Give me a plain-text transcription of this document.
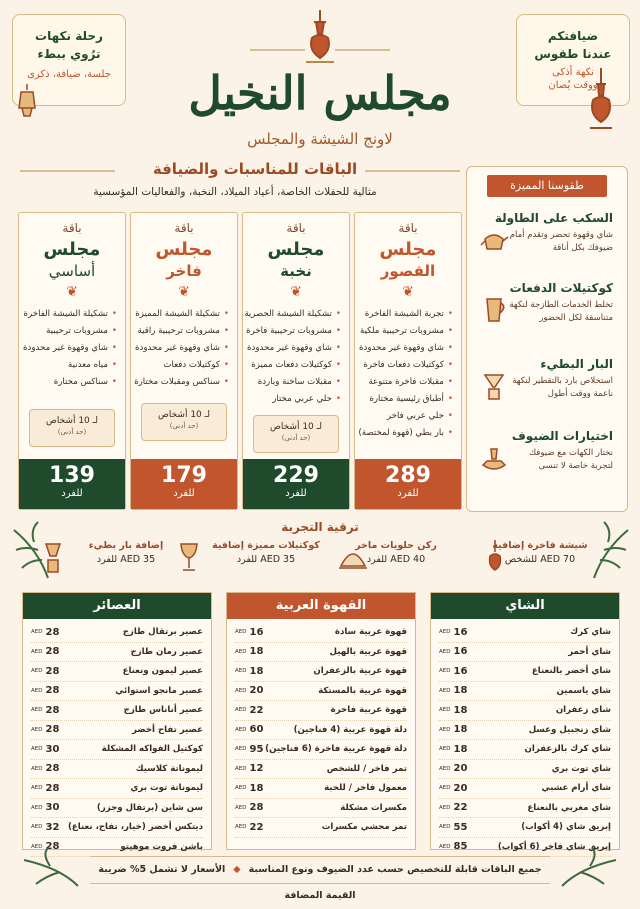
ضيافتكم
عندنا طقوس
نكهة أذكى
ووقت يُصان
رحلة نكهات
ترُوي ببطء
جلسة، ضيافة، ذكرى	مجلس النخيل
لاونج الشيشة والمجلس
الباقات للمناسبات والضيافة
مثالية للحفلات الخاصة، أعياد الميلاد، النخبة، والفعاليات المؤسسية
باقة
مجلس
القصور
❦
• تجربة الشيشة الفاخرة
• مشروبات ترحيبية ملكية
• شاي وقهوة غير محدودة
• كوكتيلات دفعات فاخرة
• مقبلات فاخرة متنوعة
• أطباق رئيسية مختارة
• حلي عربي فاخر
• بار بطي (قهوة لمختصة)
289
للفرد
باقة
مجلس
نخبة
❦
• تشكيلة الشيشة الحصرية
• مشروبات ترحيبية فاخرة
• شاي وقهوة غير محدودة
• كوكتيلات دفعات مميزة
• مقبلات ساخنة وباردة
• حلي عربي مختار
لـ 10 أشخاص
(حد أدنى)
229
للفرد
باقة
مجلس
فاخر
❦
• تشكيلة الشيشة المميزة
• مشروبات ترحيبية راقية
• شاي وقهوة غير محدودة
• كوكتيلات دفعات
• سناكس ومقبلات مختارة
لـ 10 أشخاص
(حد أدنى)
179
للفرد
باقة
مجلس
أساسي
❦
• تشكيلة الشيشة الفاخرة
• مشروبات ترحيبية
• شاي وقهوة غير محدودة
• مياه معدنية
• سناكس مختارة
لـ 10 أشخاص
(حد أدنى)
139
للفرد
طقوسنا المميزة
السكب على الطاولة
شاي وقهوة تحضر وتقدم أمام ضيوفك بكل أناقة
كوكتيلات الدفعات
تخلط الخدمات الطازجة لنكهة متناسقة لكل الحضور
البار البطيء
استخلاص بارد بالتقطير لنكهة ناعمة ووقت أطول
اختيارات الضيوف
نختار الكهات مع ضيوفك لتجربة خاصة لا تنسى
ترقية التجربة
شيشة فاخرة إضافية
AED 70 للشخص
ركن حلويات ماخر
AED 40 للفرد
كوكتيلات مميزة إضافية
AED 35 للفرد
إضافة بار بطيء
AED 35 للفرد
الشاي
شاي كرك
AED 16
شاي أحمر
AED 16
شاي أخضر بالنعناع
AED 16
شاي ياسمين
AED 18
شاي زعفران
AED 18
شاي زنجبيل وعسل
AED 18
شاي كرك بالزعفران
AED 18
شاي توت بري
AED 20
شاي أرام عشبي
AED 20
شاي مغربي بالنعناع
AED 22
إبريق شاي (4 أكواب)
AED 55
إبريق شاي فاخر (6 أكواب)
AED 85
القهوة العربية
قهوة عربية سادة
AED 16
قهوة عربية بالهيل
AED 18
قهوة عربية بالزعفران
AED 18
قهوة عربية بالمستكة
AED 20
قهوة عربية فاخرة
AED 22
دلة قهوة عربية (4 فناجين)
AED 60
دلة قهوة عربية فاخرة (6 فناجين)
AED 95
تمر فاخر / للشخص
AED 12
معمول فاخر / للحبة
AED 18
مكسرات مشكلة
AED 28
تمر محشي مكسرات
AED 22
العصائر
عصير برتقال طازج
AED 28
عصير رمان طازج
AED 28
عصير ليمون ونعناع
AED 28
عصير مانجو استوائي
AED 28
عصير أناناس طازج
AED 28
عصير تفاح أخضر
AED 28
كوكتيل الفواكه المشكلة
AED 30
ليموناتة كلاسيك
AED 28
ليموناتة توت بري
AED 28
سن شاين (برتقال وجزر)
AED 30
ديتكس أخضر (خيار، تفاح، نعناع)
AED 32
باشن فروت موهيتو
AED 28
جميع الباقات قابلة للتخصيص حسب عدد الضيوف ونوع المناسبة◆الأسعار لا تشمل 5% ضريبة القيمة المضافة
